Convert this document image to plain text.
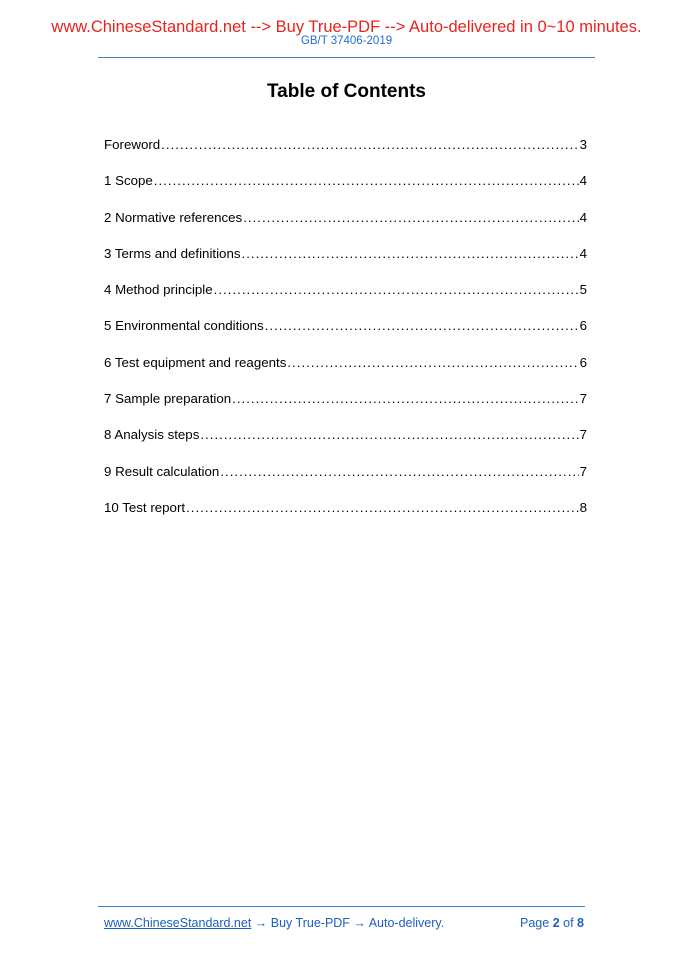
www.ChineseStandard.net --> Buy True-PDF --> Auto-delivered in 0~10 minutes.
GB/T 37406-2019
Table of Contents
Foreword .....	3
1 Scope .....	4
2 Normative references .....	4
3 Terms and definitions .....	4
4 Method principle .....	5
5 Environmental conditions .....	6
6 Test equipment and reagents .....	6
7 Sample preparation .....	7
8 Analysis steps .....	7
9 Result calculation .....	7
10 Test report .....	8
www.ChineseStandard.net → Buy True-PDF → Auto-delivery.	Page 2 of 8
